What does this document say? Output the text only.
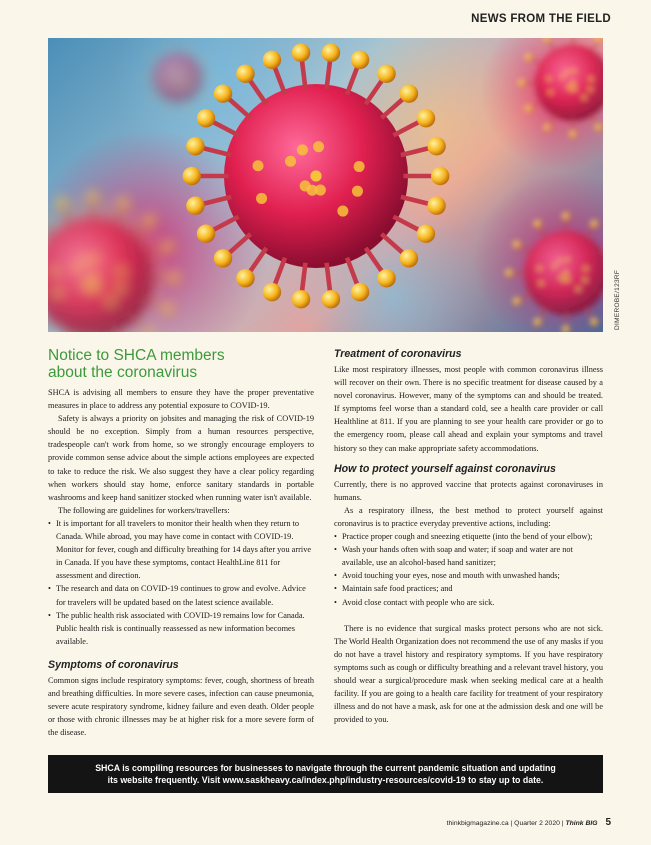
NEWS FROM THE FIELD
DIMEROBE/123RF
Notice to SHCA members
about the coronavirus

SHCA is advising all members to ensure they have the proper preventative measures in place to address any potential exposure to COVID-19.

Safety is always a priority on jobsites and managing the risk of COVID-19 should be no exception. Simply from a human resources perspective, tradespeople can't work from home, so we strongly encourage employers to provide common sense advice about the simple actions employees are expected to take to reduce the risk. We also suggest they have a clear policy regarding when workers should stay home, enforce sanitary standards in portable washrooms and keep hand sanitizer stocked when running water isn't available.

The following are guidelines for workers/travellers:

• It is important for all travelers to monitor their health when they return to Canada. While abroad, you may have come in contact with COVID-19. Monitor for fever, cough and difficulty breathing for 14 days after you arrive in Canada. If you have these symptoms, contact HealthLine 811 for assessment and direction.
• The research and data on COVID-19 continues to grow and evolve. Advice for travelers will be updated based on the latest science available.
• The public health risk associated with COVID-19 remains low for Canada. Public health risk is continually reassessed as new information becomes available.
Symptoms of coronavirus

Common signs include respiratory symptoms: fever, cough, shortness of breath and breathing difficulties. In more severe cases, infection can cause pneumonia, severe acute respiratory syndrome, kidney failure and even death. Older people or those with chronic illnesses may be at higher risk for a more severe form of the disease.

Treatment of coronavirus

Like most respiratory illnesses, most people with common coronavirus illness will recover on their own. There is no specific treatment for disease caused by a novel coronavirus. However, many of the symptoms can and should be treated. If symptoms feel worse than a standard cold, see a health care provider or call Healthline at 811. If you are planning to see your health care provider or go to the emergency room, please call ahead and explain your symptoms and travel history so they can make appropriate safety accommodations.

How to protect yourself against coronavirus

Currently, there is no approved vaccine that protects against coronaviruses in humans.

As a respiratory illness, the best method to protect yourself against coronavirus is to practice everyday preventive actions, including:

• Practice proper cough and sneezing etiquette (into the bend of your elbow);
• Wash your hands often with soap and water; if soap and water are not available, use an alcohol-based hand sanitizer;
• Avoid touching your eyes, nose and mouth with unwashed hands;
• Maintain safe food practices; and
• Avoid close contact with people who are sick.

There is no evidence that surgical masks protect persons who are not sick. The World Health Organization does not recommend the use of any masks if you do not have a travel history and respiratory symptoms. If you have respiratory symptoms such as cough or difficulty breathing and a relevant travel history, you should wear a surgical/procedure mask when seeking medical care at a health facility. If you are going to a health care facility for treatment of your respiratory illness and do not have a mask, ask for one at the admission desk and one will be provided to you.

SHCA is compiling resources for businesses to navigate through the current pandemic situation and updating
its website frequently. Visit www.saskheavy.ca/index.php/industry-resources/covid-19 to stay up to date.
thinkbigmagazine.ca | Quarter 2 2020 | Think BIG 5
